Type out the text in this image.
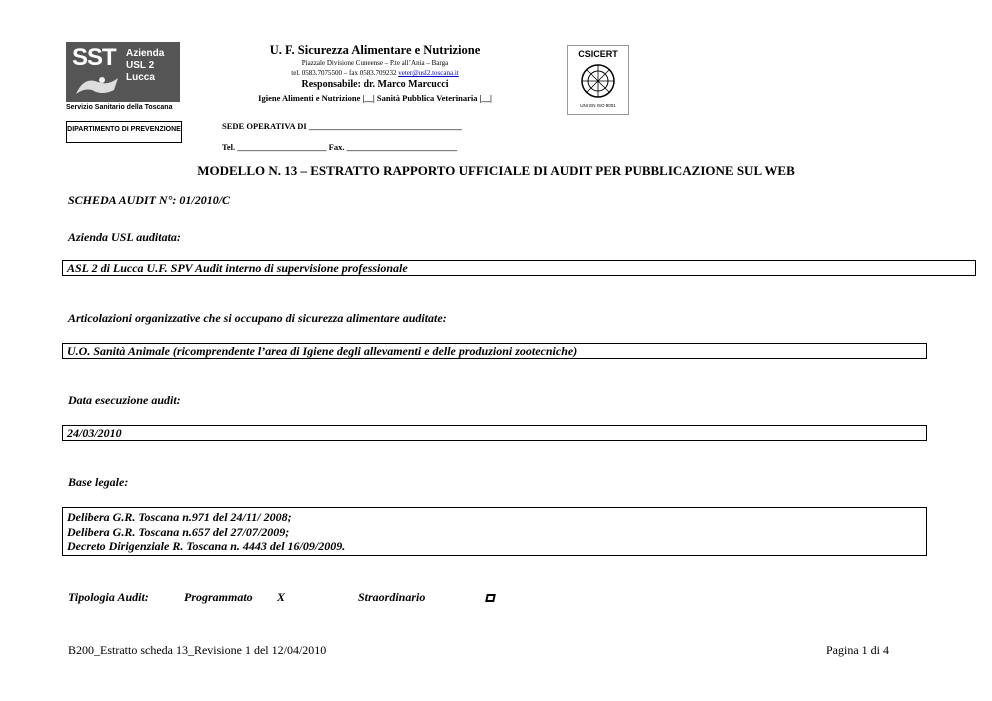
SST Azienda
USL 2
Lucca
Servizio Sanitario della Toscana
DIPARTIMENTO DI PREVENZIONE
U. F. Sicurezza Alimentare e Nutrizione
Piazzale Divisione Cuneense – P.te all’Ania – Barga
tel. 0583.7075500 – fax 0583.709232 veter@usl2.toscana.it
Responsabile: dr. Marco Marcucci
Igiene Alimenti e Nutrizione |__| Sanità Pubblica Veterinaria |__|
CSICERT
UNI EN ISO 9001
SEDE OPERATIVA DI ____________________________________
Tel. _____________________ Fax. __________________________
MODELLO N. 13 – ESTRATTO RAPPORTO UFFICIALE DI AUDIT PER PUBBLICAZIONE SUL WEB
SCHEDA AUDIT N°: 01/2010/C
Azienda USL auditata:
ASL 2 di Lucca U.F. SPV Audit interno di supervisione professionale
Articolazioni organizzative che si occupano di sicurezza alimentare auditate:
U.O. Sanità Animale (ricomprendente l’area di Igiene degli allevamenti e delle produzioni zootecniche)
Data esecuzione audit:
24/03/2010
Base legale:
Delibera G.R. Toscana n.971 del 24/11/ 2008;
Delibera G.R. Toscana n.657 del 27/07/2009;
Decreto Dirigenziale R. Toscana n. 4443 del 16/09/2009.
Tipologia Audit:	Programmato X	Straordinario
B200_Estratto scheda 13_Revisione 1 del 12/04/2010	Pagina 1 di 4
